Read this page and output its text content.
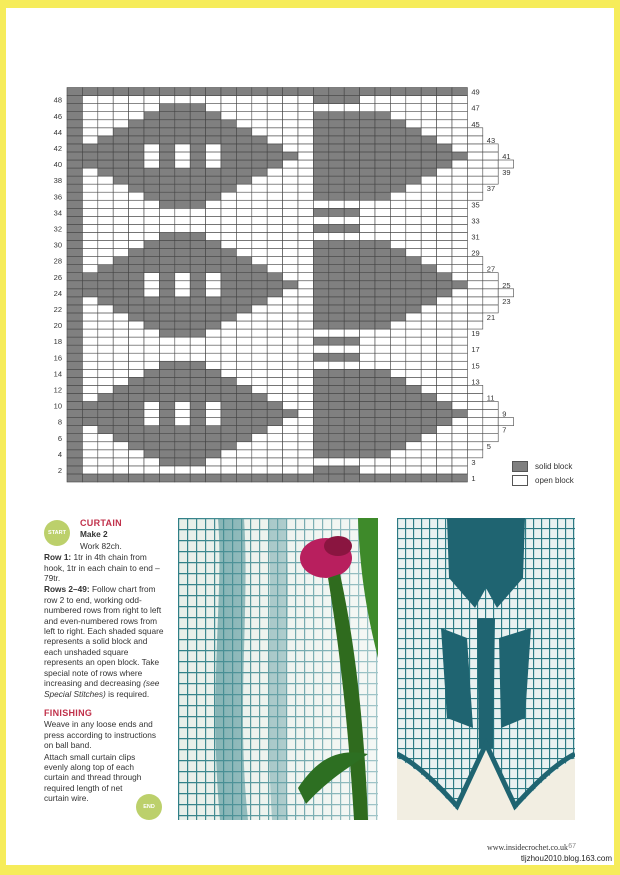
1
3
5
7
9
11
13
15
17
19
21
23
25
27
29
31
33
35
37
39
41
43
45
47
49
2
4
6
8
10
12
14
16
18
20
22
24
26
28
30
32
34
36
38
40
42
44
46
48
solid block
open block
START

CURTAIN

Make 2

Work 82ch.

Row 1: 1tr in 4th chain from hook, 1tr in each chain to end – 79tr.

Rows 2–49: Follow chart from row 2 to end, working odd-numbered rows from right to left and even-numbered rows from left to right. Each shaded square represents a solid block and each unshaded square represents an open block. Take special note of rows where increasing and decreasing (see Special Stitches) is required.

FINISHING

Weave in any loose ends and press according to instructions on ball band.

Attach small curtain clips evenly along top of each curtain and thread through required length of net curtain wire.

END
www.insidecrochet.co.uk 67
tljzhou2010.blog.163.com
